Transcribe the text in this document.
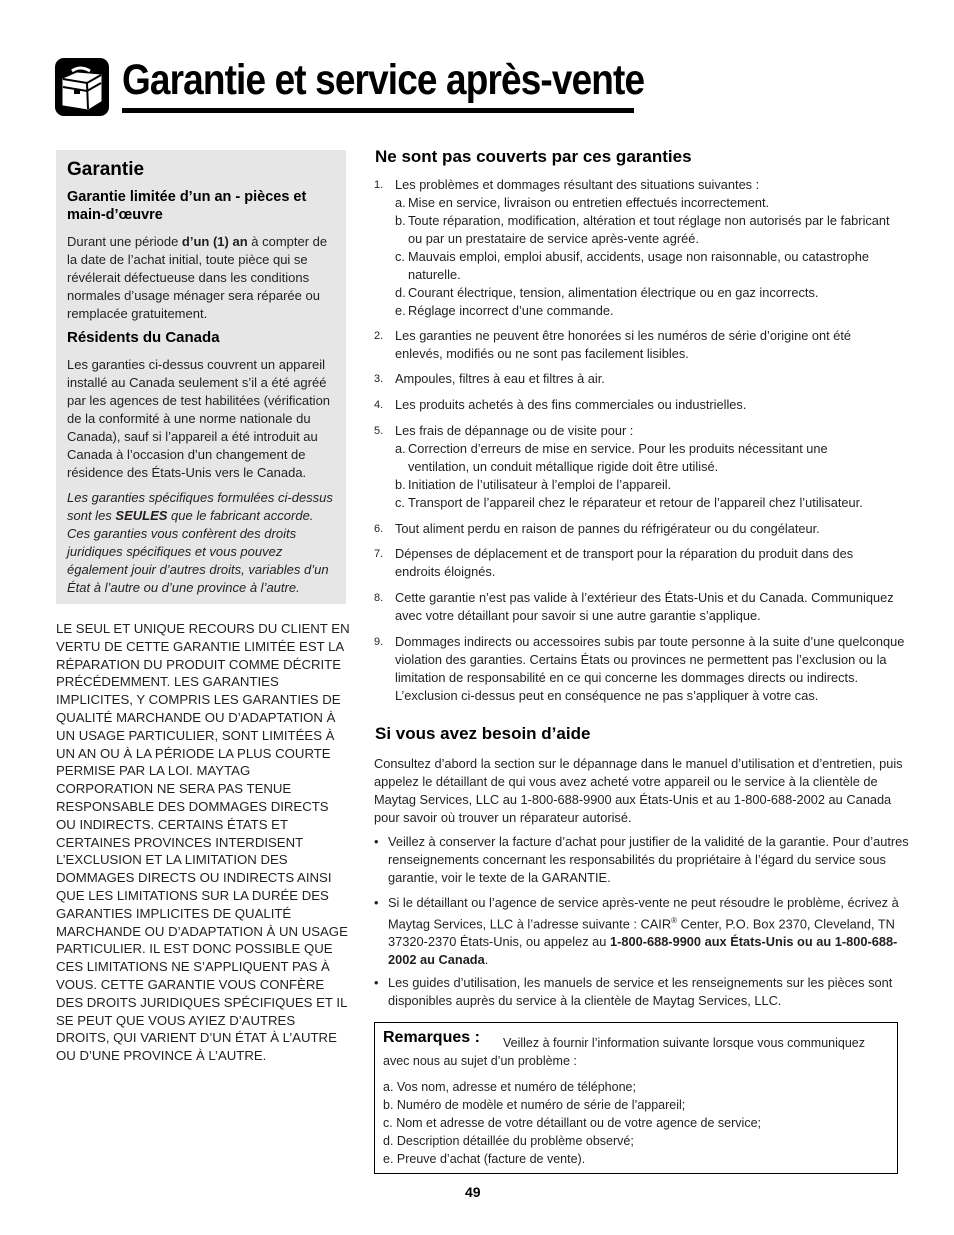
Garantie et service après-vente
Garantie
Garantie limitée d’un an - pièces et main-d’œuvre

Durant une période d’un (1) an à compter de la date de l’achat initial, toute pièce qui se révélerait défectueuse dans les conditions normales d’usage ménager sera réparée ou remplacée gratuitement.

Résidents du Canada

Les garanties ci-dessus couvrent un appareil installé au Canada seulement s’il a été agréé par les agences de test habilitées (vérification de la conformité à une norme nationale du Canada), sauf si l’appareil a été introduit au Canada à l’occasion d’un changement de résidence des États-Unis vers le Canada.

Les garanties spécifiques formulées ci-dessus sont les SEULES que le fabricant accorde. Ces garanties vous confèrent des droits juridiques spécifiques et vous pouvez également jouir d’autres droits, variables d’un État à l’autre ou d’une province à l’autre.

LE SEUL ET UNIQUE RECOURS DU CLIENT EN VERTU DE CETTE GARANTIE LIMITÉE EST LA RÉPARATION DU PRODUIT COMME DÉCRITE PRÉCÉDEMMENT. LES GARANTIES IMPLICITES, Y COMPRIS LES GARANTIES DE QUALITÉ MARCHANDE OU D’ADAPTATION À UN USAGE PARTICULIER, SONT LIMITÉES À UN AN OU À LA PÉRIODE LA PLUS COURTE PERMISE PAR LA LOI. MAYTAG CORPORATION NE SERA PAS TENUE RESPONSABLE DES DOMMAGES DIRECTS OU INDIRECTS. CERTAINS ÉTATS ET CERTAINES PROVINCES INTERDISENT L’EXCLUSION ET LA LIMITATION DES DOMMAGES DIRECTS OU INDIRECTS AINSI QUE LES LIMITATIONS SUR LA DURÉE DES GARANTIES IMPLICITES DE QUALITÉ MARCHANDE OU D’ADAPTATION À UN USAGE PARTICULIER. IL EST DONC POSSIBLE QUE CES LIMITATIONS NE S’APPLIQUENT PAS À VOUS. CETTE GARANTIE VOUS CONFÈRE DES DROITS JURIDIQUES SPÉCIFIQUES ET IL SE PEUT QUE VOUS AYIEZ D’AUTRES DROITS, QUI VARIENT D’UN ÉTAT À L’AUTRE OU D’UNE PROVINCE À L’AUTRE.

Ne sont pas couverts par ces garanties
1. Les problèmes et dommages résultant des situations suivantes :
a. Mise en service, livraison ou entretien effectués incorrectement.
b. Toute réparation, modification, altération et tout réglage non autorisés par le fabricant ou par un prestataire de service après-vente agréé.
c. Mauvais emploi, emploi abusif, accidents, usage non raisonnable, ou catastrophe naturelle.
d. Courant électrique, tension, alimentation électrique ou en gaz incorrects.
e. Réglage incorrect d’une commande.
2. Les garanties ne peuvent être honorées si les numéros de série d’origine ont été enlevés, modifiés ou ne sont pas facilement lisibles.
3. Ampoules, filtres à eau et filtres à air.
4. Les produits achetés à des fins commerciales ou industrielles.
5. Les frais de dépannage ou de visite pour :
a. Correction d’erreurs de mise en service. Pour les produits nécessitant une ventilation, un conduit métallique rigide doit être utilisé.
b. Initiation de l’utilisateur à l’emploi de l’appareil.
c. Transport de l’appareil chez le réparateur et retour de l’appareil chez l’utilisateur.
6. Tout aliment perdu en raison de pannes du réfrigérateur ou du congélateur.
7. Dépenses de déplacement et de transport pour la réparation du produit dans des endroits éloignés.
8. Cette garantie n’est pas valide à l’extérieur des États-Unis et du Canada. Communiquez avec votre détaillant pour savoir si une autre garantie s’applique.
9. Dommages indirects ou accessoires subis par toute personne à la suite d’une quelconque violation des garanties. Certains États ou provinces ne permettent pas l’exclusion ou la limitation de responsabilité en ce qui concerne les dommages directs ou indirects. L’exclusion ci-dessus peut en conséquence ne pas s’appliquer à votre cas.
Si vous avez besoin d’aide

Consultez d’abord la section sur le dépannage dans le manuel d’utilisation et d’entretien, puis appelez le détaillant de qui vous avez acheté votre appareil ou le service à la clientèle de Maytag Services, LLC au 1-800-688-9900 aux États-Unis et au 1-800-688-2002 au Canada pour savoir où trouver un réparateur autorisé.

• Veillez à conserver la facture d’achat pour justifier de la validité de la garantie. Pour d’autres renseignements concernant les responsabilités du propriétaire à l’égard du service sous garantie, voir le texte de la GARANTIE.
• Si le détaillant ou l’agence de service après-vente ne peut résoudre le problème, écrivez à Maytag Services, LLC à l’adresse suivante : CAIR® Center, P.O. Box 2370, Cleveland, TN 37320-2370 États-Unis, ou appelez au 1-800-688-9900 aux États-Unis ou au 1-800-688-2002 au Canada.
• Les guides d’utilisation, les manuels de service et les renseignements sur les pièces sont disponibles auprès du service à la clientèle de Maytag Services, LLC.

Veillez à fournir l’information suivante lorsque vous communiquez avec nous au sujet d’un problème :

Remarques :
a. Vos nom, adresse et numéro de téléphone;
b. Numéro de modèle et numéro de série de l’appareil;
c. Nom et adresse de votre détaillant ou de votre agence de service;
d. Description détaillée du problème observé;
e. Preuve d’achat (facture de vente).
49
